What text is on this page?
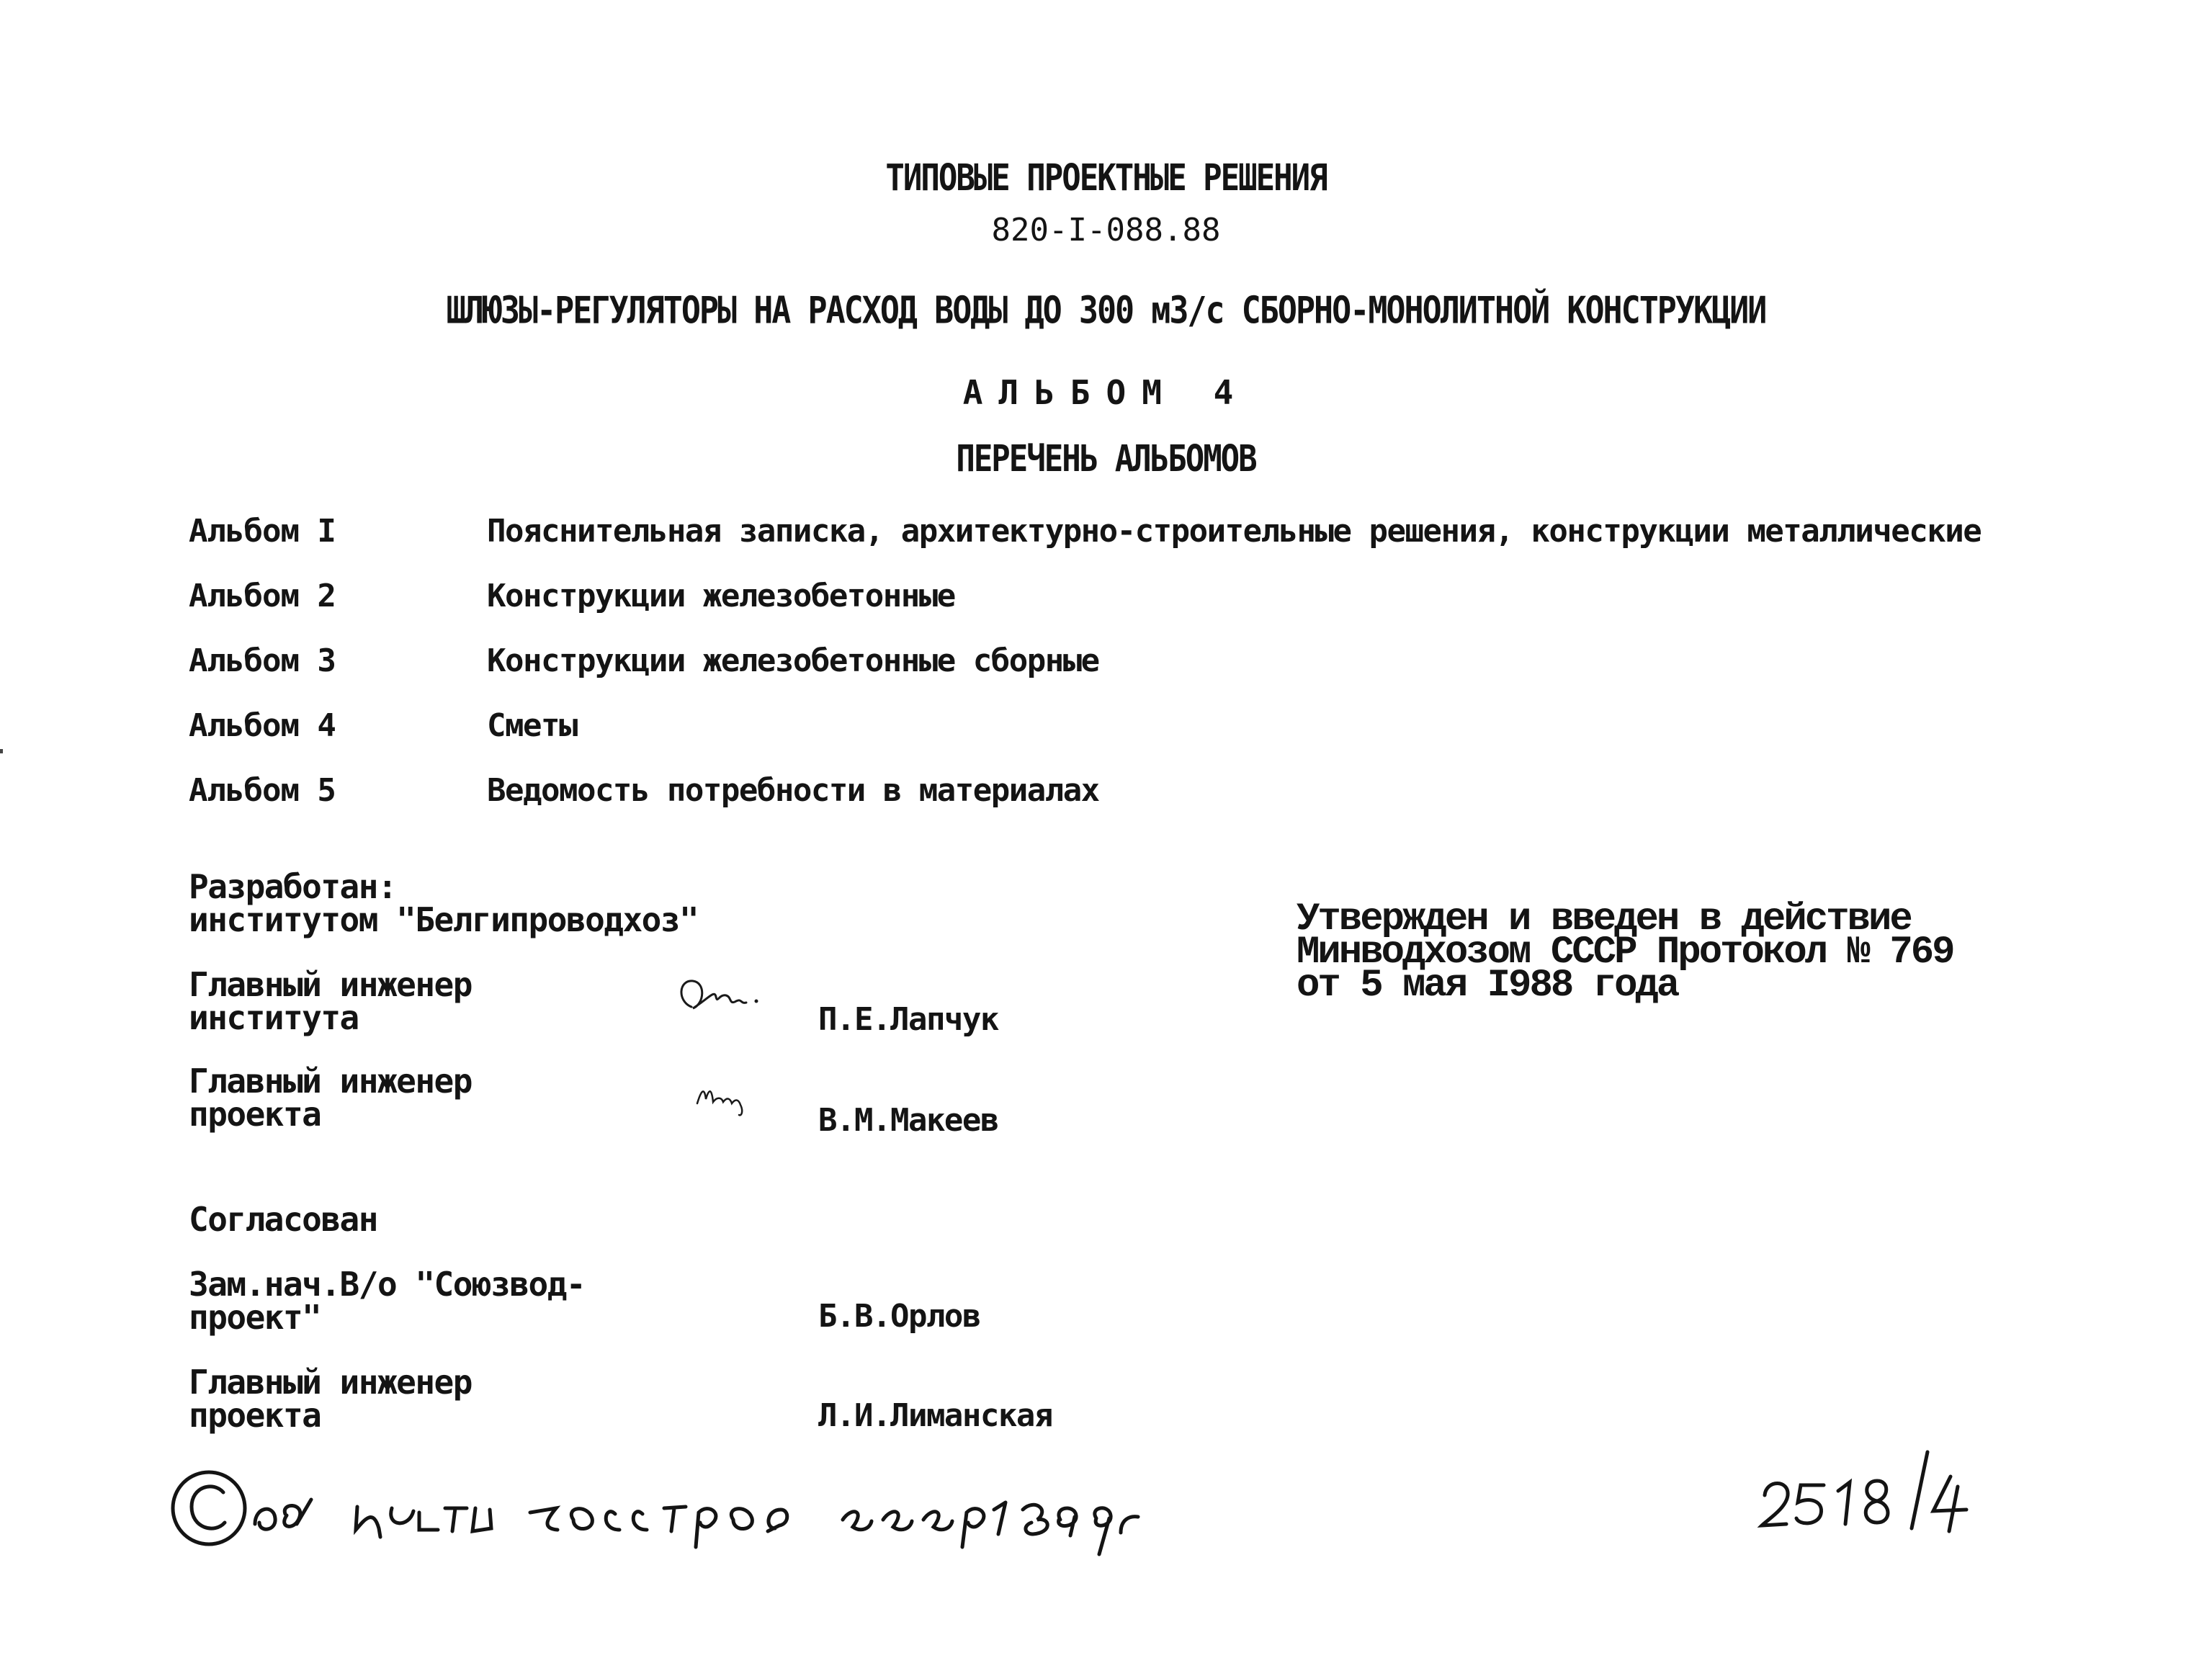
ТИПОВЫЕ ПРОЕКТНЫЕ РЕШЕНИЯ
820-I-088.88
ШЛЮЗЫ-РЕГУЛЯТОРЫ НА РАСХОД ВОДЫ ДО 300 м3/с СБОРНО-МОНОЛИТНОЙ КОНСТРУКЦИИ
АЛЬБОМ 4
ПЕРЕЧЕНЬ АЛЬБОМОВ
Альбом I	Пояснительная записка, архитектурно-строительные решения, конструкции металлические
Альбом 2	Конструкции железобетонные
Альбом 3	Конструкции железобетонные сборные
Альбом 4	Сметы
Альбом 5	Ведомость потребности в материалах
Разработан:
институтом "Белгипроводхоз"
Главный инженер
института	П.Е.Лапчук
Главный инженер
проекта	В.М.Макеев
Утвержден и введен в действие
Минводхозом СССР Протокол № 769
от 5 мая I988 года
Согласован
Зам.нач.В/о "Союзвод-
проект"	Б.В.Орлов
Главный инженер
проекта	Л.И.Лиманская
